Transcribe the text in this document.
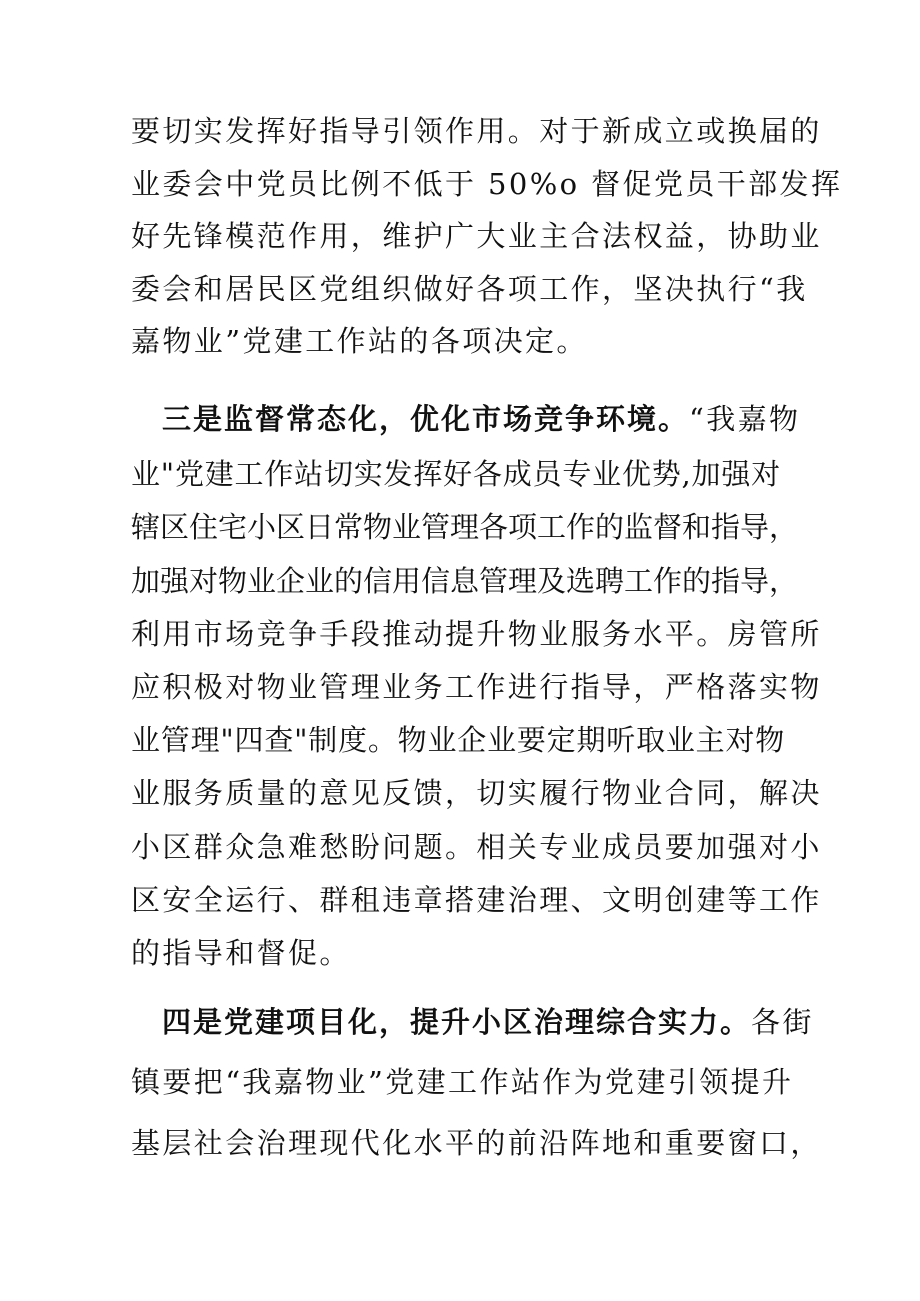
要切实发挥好指导引领作用。对于新成立或换届的
业委会中党员比例不低于 50%o 督促党员干部发挥
好先锋模范作用，维护广大业主合法权益，协助业
委会和居民区党组织做好各项工作，坚决执行“我
嘉物业”党建工作站的各项决定。
三是监督常态化，优化市场竞争环境。“我嘉物
业"党建工作站切实发挥好各成员专业优势,加强对
辖区住宅小区日常物业管理各项工作的监督和指导，
加强对物业企业的信用信息管理及选聘工作的指导，
利用市场竞争手段推动提升物业服务水平。房管所
应积极对物业管理业务工作进行指导，严格落实物
业管理"四查"制度。物业企业要定期听取业主对物
业服务质量的意见反馈，切实履行物业合同，解决
小区群众急难愁盼问题。相关专业成员要加强对小
区安全运行、群租违章搭建治理、文明创建等工作
的指导和督促。
四是党建项目化，提升小区治理综合实力。各街
镇要把“我嘉物业”党建工作站作为党建引领提升
基层社会治理现代化水平的前沿阵地和重要窗口，
